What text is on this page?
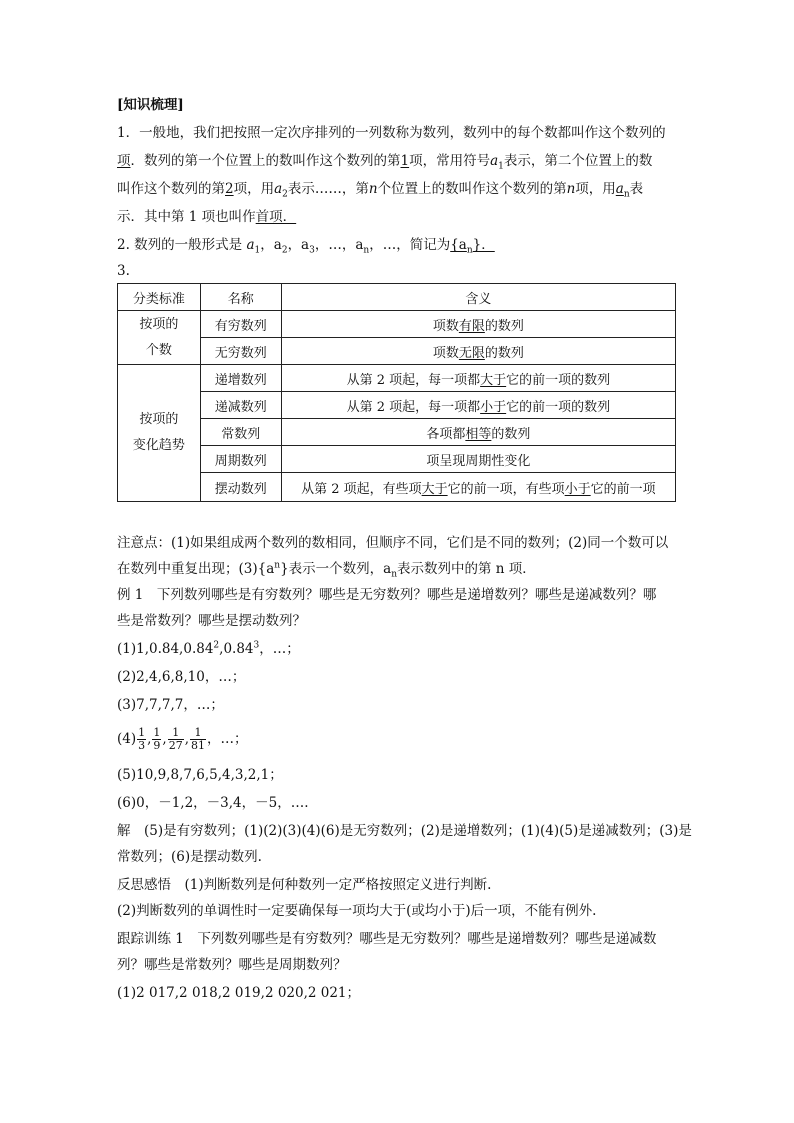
[知识梳理]
1．一般地，我们把按照一定次序排列的一列数称为数列，数列中的每个数都叫作这个数列的
项．数列的第一个位置上的数叫作这个数列的第1项，常用符号$a_1$表示，第二个位置上的数
叫作这个数列的第2项，用$a_2$表示……，第n个位置上的数叫作这个数列的第n项，用$a_n$表
示．其中第 1 项也叫作首项．
2. 数列的一般形式是 $a_1$，$a_2$，$a_3$，…，$a_n$，…，简记为$\{a_n\}$．
3.
分类标准	名称	含义
按项的
个数	有穷数列	项数有限的数列
	无穷数列	项数无限的数列
按项的
变化趋势	递增数列	从第 2 项起，每一项都大于它的前一项的数列
	递减数列	从第 2 项起，每一项都小于它的前一项的数列
	常数列	各项都相等的数列
	周期数列	项呈现周期性变化
	摆动数列	从第 2 项起，有些项大于它的前一项，有些项小于它的前一项
注意点：(1)如果组成两个数列的数相同，但顺序不同，它们是不同的数列；(2)同一个数可以
在数列中重复出现；$(3)\{a^n\}$表示一个数列，$a_n$表示数列中的第 n 项．
例 1　下列数列哪些是有穷数列？哪些是无穷数列？哪些是递增数列？哪些是递减数列？哪
些是常数列？哪些是摆动数列？
(1)1,0.84,0.84$^2$,0.84$^3$，…；
(2)2,4,6,8,10，…；
(3)7,7,7,7，…；
$(4) \frac{1}{3}$ , $\frac{1}{9}$ , $\frac{1}{27}$ , $\frac{1}{81}$ ，…；
(5)10,9,8,7,6,5,4,3,2,1；
(6)0，－1,2，－3,4，－5，….
解　(5)是有穷数列；(1)(2)(3)(4)(6)是无穷数列；(2)是递增数列；(1)(4)(5)是递减数列；(3)是
常数列；(6)是摆动数列.
反思感悟　(1)判断数列是何种数列一定严格按照定义进行判断.
(2)判断数列的单调性时一定要确保每一项均大于(或均小于)后一项，不能有例外.
跟踪训练 1　下列数列哪些是有穷数列？哪些是无穷数列？哪些是递增数列？哪些是递减数
列？哪些是常数列？哪些是周期数列？
(1)2 017,2 018,2 019,2 020,2 021；
